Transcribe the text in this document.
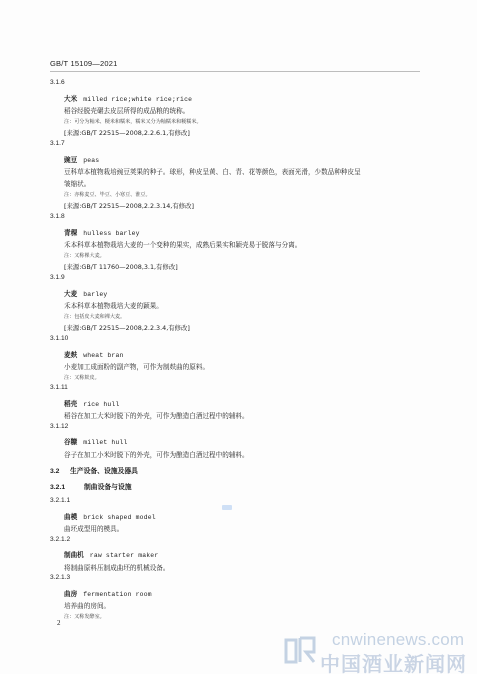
GB/T 15109—2021
3.1.6
大米 milled rice;white rice;rice
稻谷经脱壳碾去皮层所得的成品粮的统称。
注：可分为籼米、粳米和糯米，糯米又分为籼糯米和粳糯米。
[来源:GB/T 22515—2008,2.2.6.1,有修改]
3.1.7
豌豆 peas
豆科草本植物栽培豌豆荚果的种子。球形，种皮呈黄、白、青、花等颜色，表面光滑，少数品种种皮呈
皱缩状。
注：亦称麦豆、毕豆、小寒豆、淮豆。
[来源:GB/T 22515—2008,2.2.3.14,有修改]
3.1.8
青稞 hulless barley
禾本科草本植物栽培大麦的一个变种的果实，成熟后果实和颖壳易于脱落与分离。
注：又称裸大麦。
[来源:GB/T 11760—2008,3.1,有修改]
3.1.9
大麦 barley
禾本科草本植物栽培大麦的颖果。
注：包括皮大麦和裸大麦。
[来源:GB/T 22515—2008,2.2.3.4,有修改]
3.1.10
麦麸 wheat bran
小麦加工成面粉的副产物，可作为制麸曲的原料。
注：又称麸皮。
3.1.11
稻壳 rice hull
稻谷在加工大米时脱下的外壳，可作为酿造白酒过程中的辅料。
3.1.12
谷糠 millet hull
谷子在加工小米时脱下的外壳，可作为酿造白酒过程中的辅料。
3.2 生产设备、设施及器具
3.2.1	制曲设备与设施
3.2.1.1
曲模 brick shaped model
曲坯成型用的模具。
3.2.1.2
制曲机 raw starter maker
将制曲原料压制成曲坯的机械设备。
3.2.1.3
曲房 fermentation room
培养曲的房间。
注：又称发酵室。
2
cnwinenews.com
中国酒业新闻网
